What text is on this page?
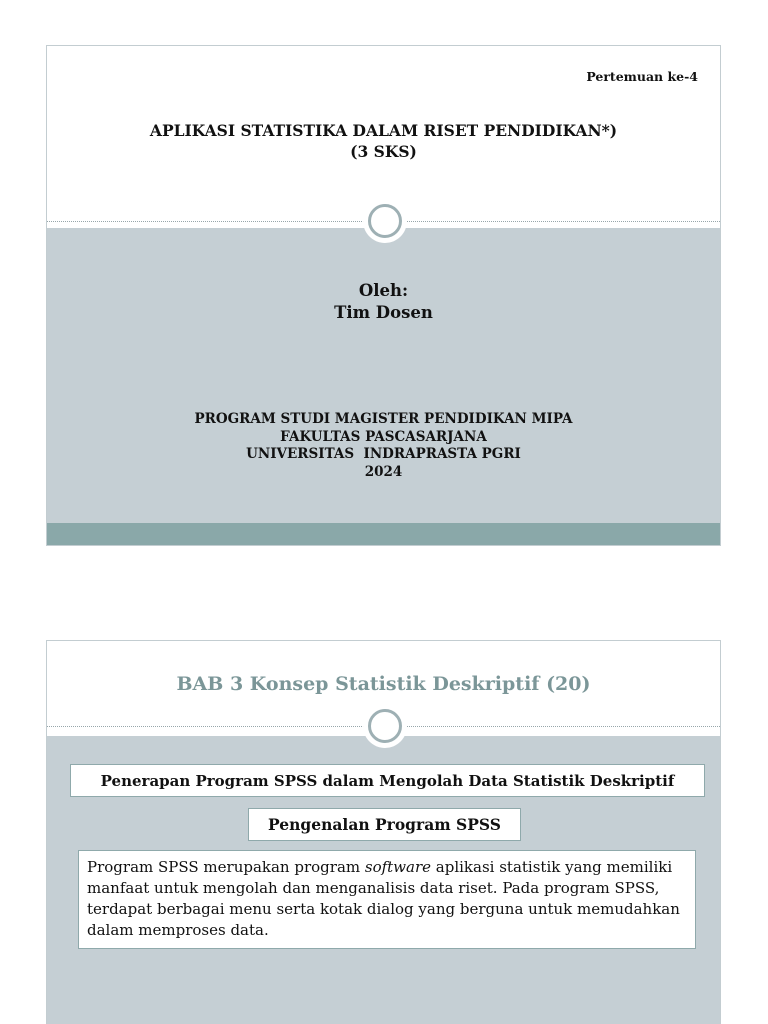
Pertemuan ke-4
APLIKASI STATISTIKA DALAM RISET PENDIDIKAN*)
(3 SKS)
Oleh:
Tim Dosen
PROGRAM STUDI MAGISTER PENDIDIKAN MIPA
FAKULTAS PASCASARJANA
UNIVERSITAS  INDRAPRASTA PGRI
2024
BAB 3 Konsep Statistik Deskriptif (20)
Penerapan Program SPSS dalam Mengolah Data Statistik Deskriptif
Pengenalan Program SPSS
Program SPSS merupakan program software aplikasi statistik yang memiliki
manfaat untuk mengolah dan menganalisis data riset. Pada program SPSS,
terdapat berbagai menu serta kotak dialog yang berguna untuk memudahkan
dalam memproses data.
